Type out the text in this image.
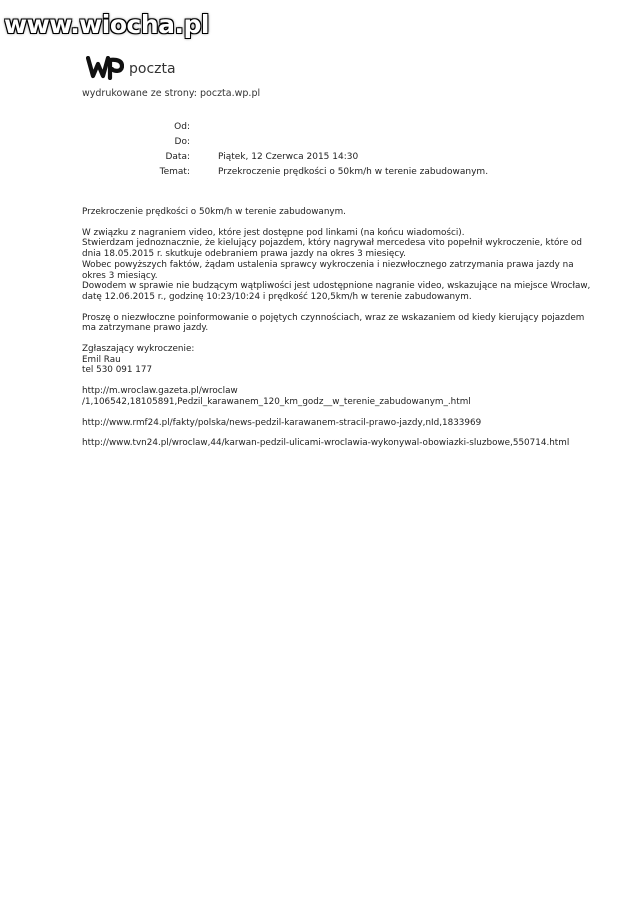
www.wiocha.pl
poczta
wydrukowane ze strony: poczta.wp.pl
Od:
Do:
Data:	Piątek, 12 Czerwca 2015 14:30
Temat:	Przekroczenie prędkości o 50km/h w terenie zabudowanym.

Przekroczenie prędkości o 50km/h w terenie zabudowanym.

W związku z nagraniem video, które jest dostępne pod linkami (na końcu wiadomości).

Stwierdzam jednoznacznie, że kielujący pojazdem, który nagrywał mercedesa vito popełnił wykroczenie, które od

dnia 18.05.2015 r. skutkuje odebraniem prawa jazdy na okres 3 miesięcy.

Wobec powyższych faktów, żądam ustalenia sprawcy wykroczenia i niezwłocznego zatrzymania prawa jazdy na

okres 3 miesiący.

Dowodem w sprawie nie budzącym wątpliwości jest udostępnione nagranie video, wskazujące na miejsce Wrocław,

datę 12.06.2015 r., godzinę 10:23/10:24 i prędkość 120,5km/h w terenie zabudowanym.

Proszę o niezwłoczne poinformowanie o pojętych czynnościach, wraz ze wskazaniem od kiedy kierujący pojazdem

ma zatrzymane prawo jazdy.

Zgłaszający wykroczenie:

Emil Rau

tel 530 091 177

http://m.wroclaw.gazeta.pl/wroclaw

/1,106542,18105891,Pedzil_karawanem_120_km_godz__w_terenie_zabudowanym_.html

http://www.rmf24.pl/fakty/polska/news-pedzil-karawanem-stracil-prawo-jazdy,nId,1833969

http://www.tvn24.pl/wroclaw,44/karwan-pedzil-ulicami-wroclawia-wykonywal-obowiazki-sluzbowe,550714.html
